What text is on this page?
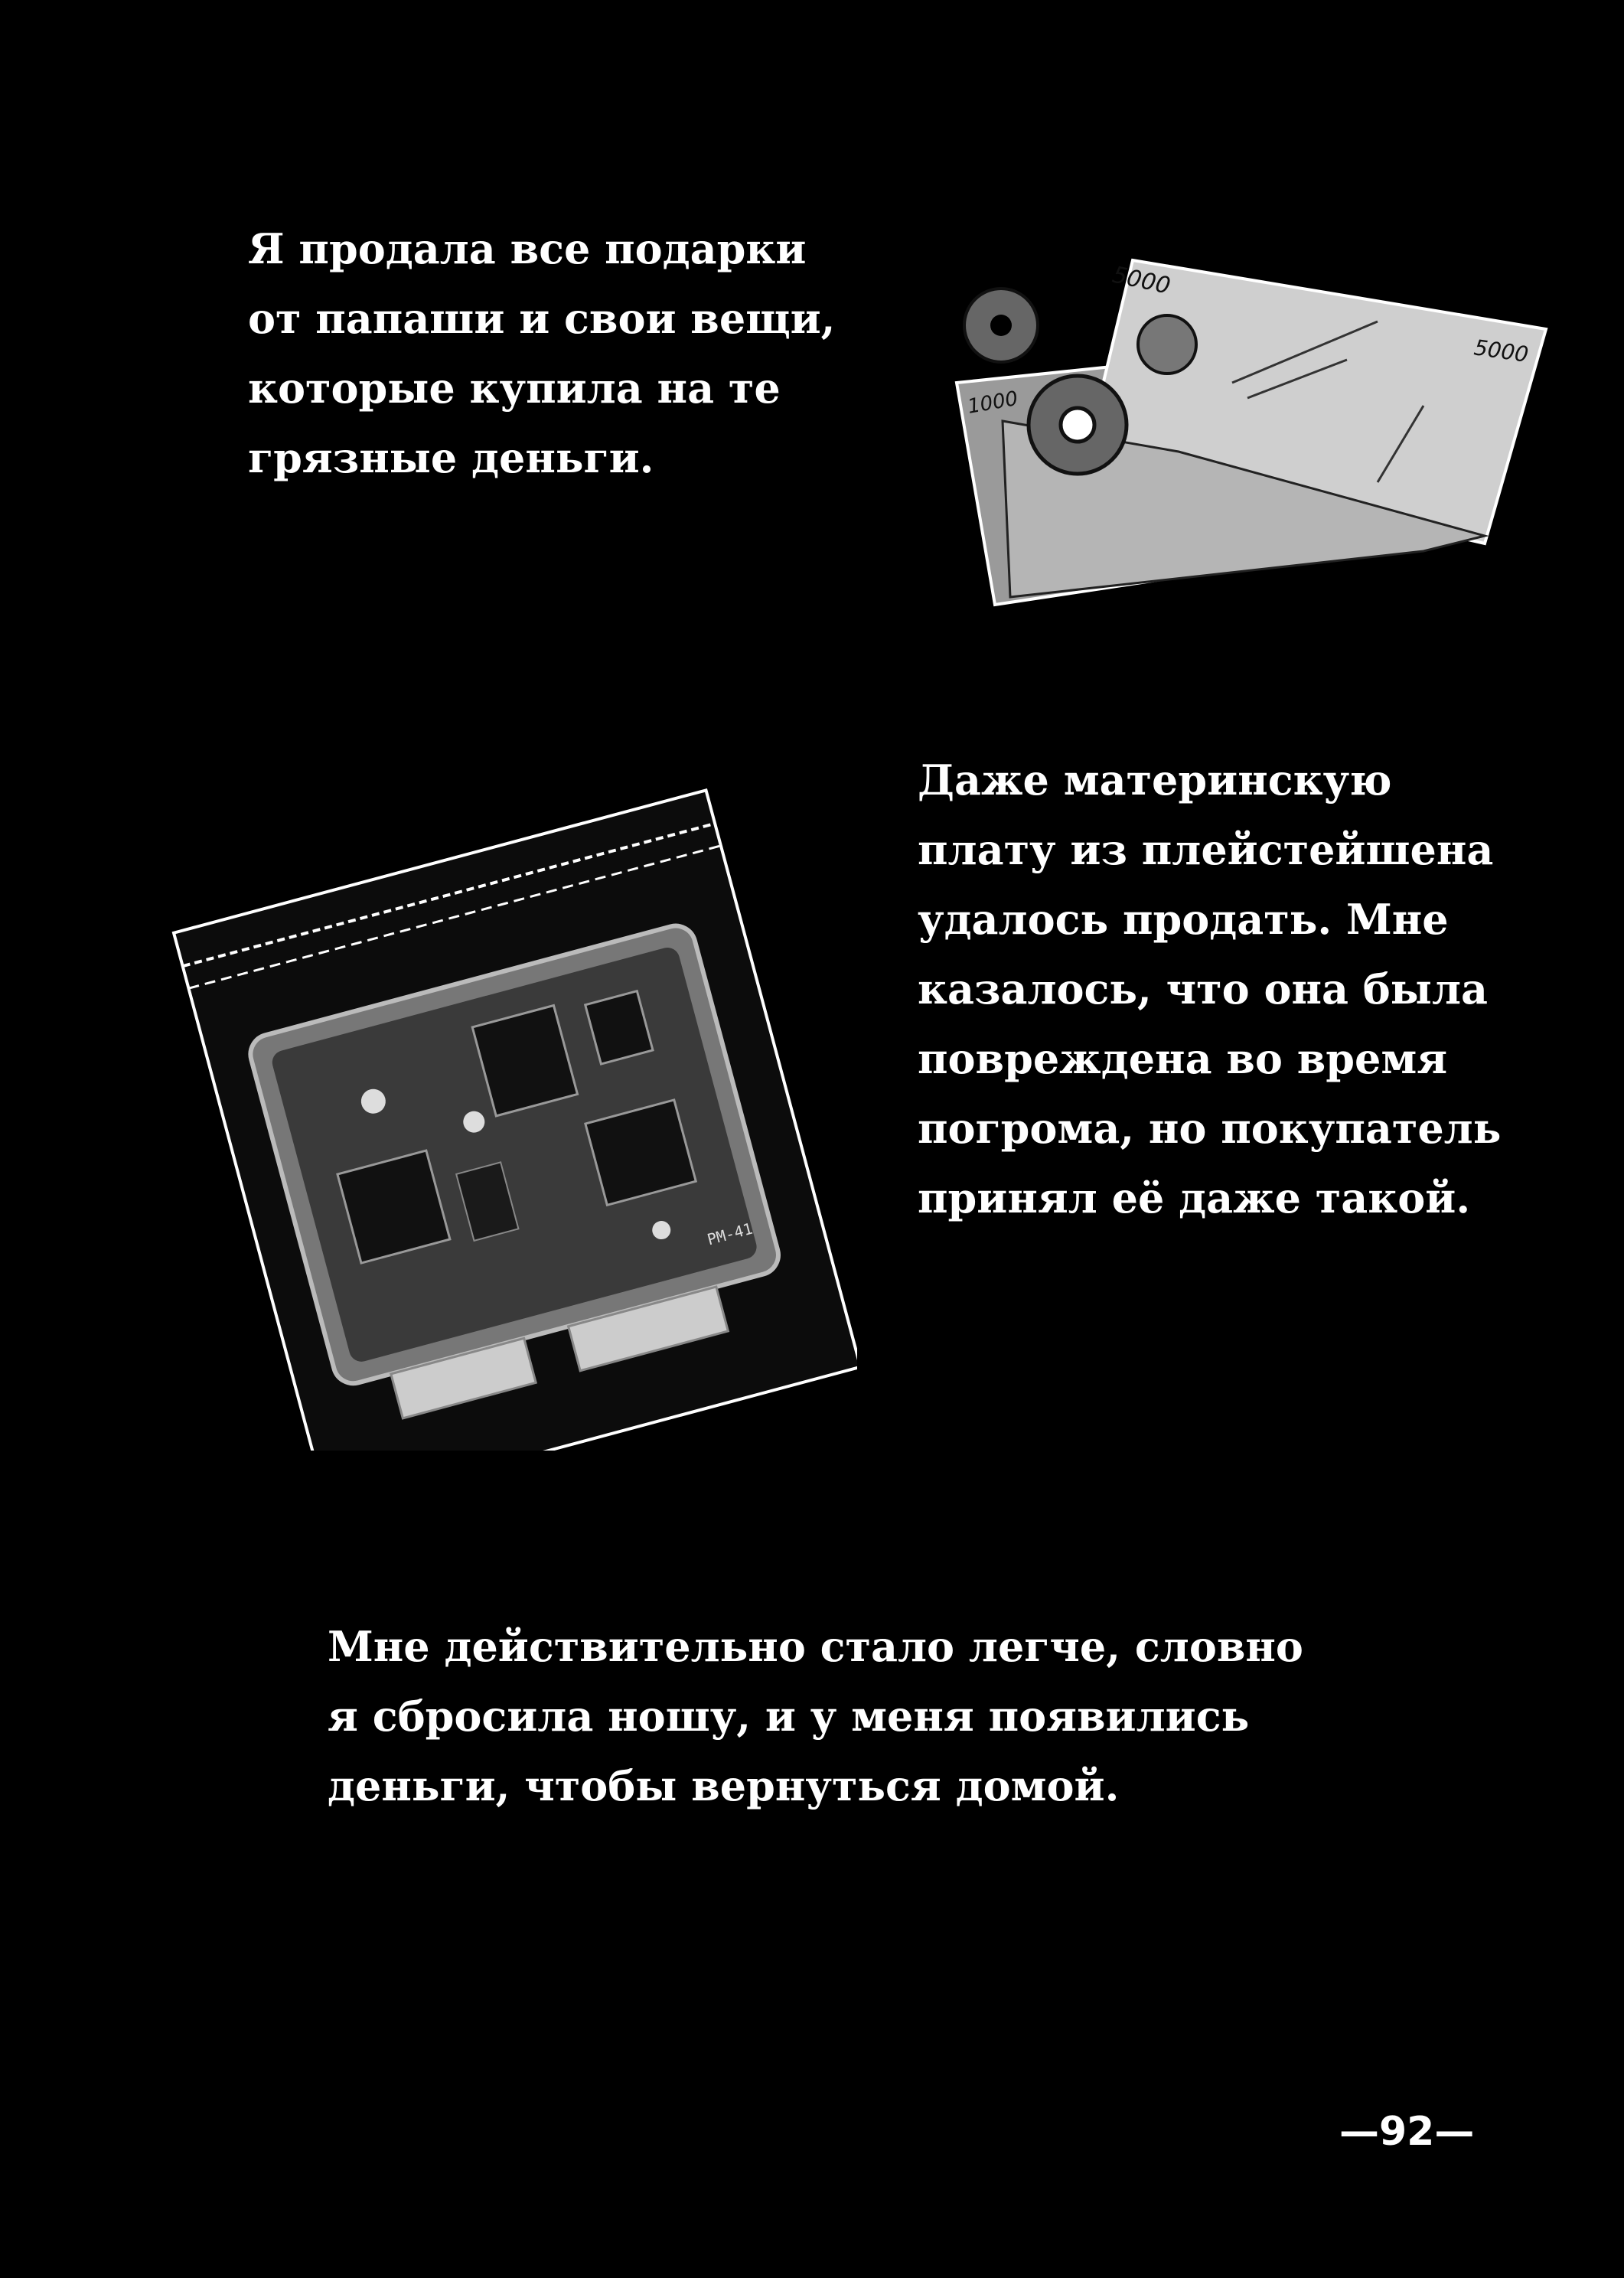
Я продала все подарки
от папаши и свои вещи,
которые купила на те
грязные деньги.
5000
5000
1000
PM-41
Даже материнскую
плату из плейстейшена
удалось продать. Мне
казалось, что она была
повреждена во время
погрома, но покупатель
принял её даже такой.
Мне действительно стало легче, словно
я сбросила ношу, и у меня появились
деньги, чтобы вернуться домой.
—92—
